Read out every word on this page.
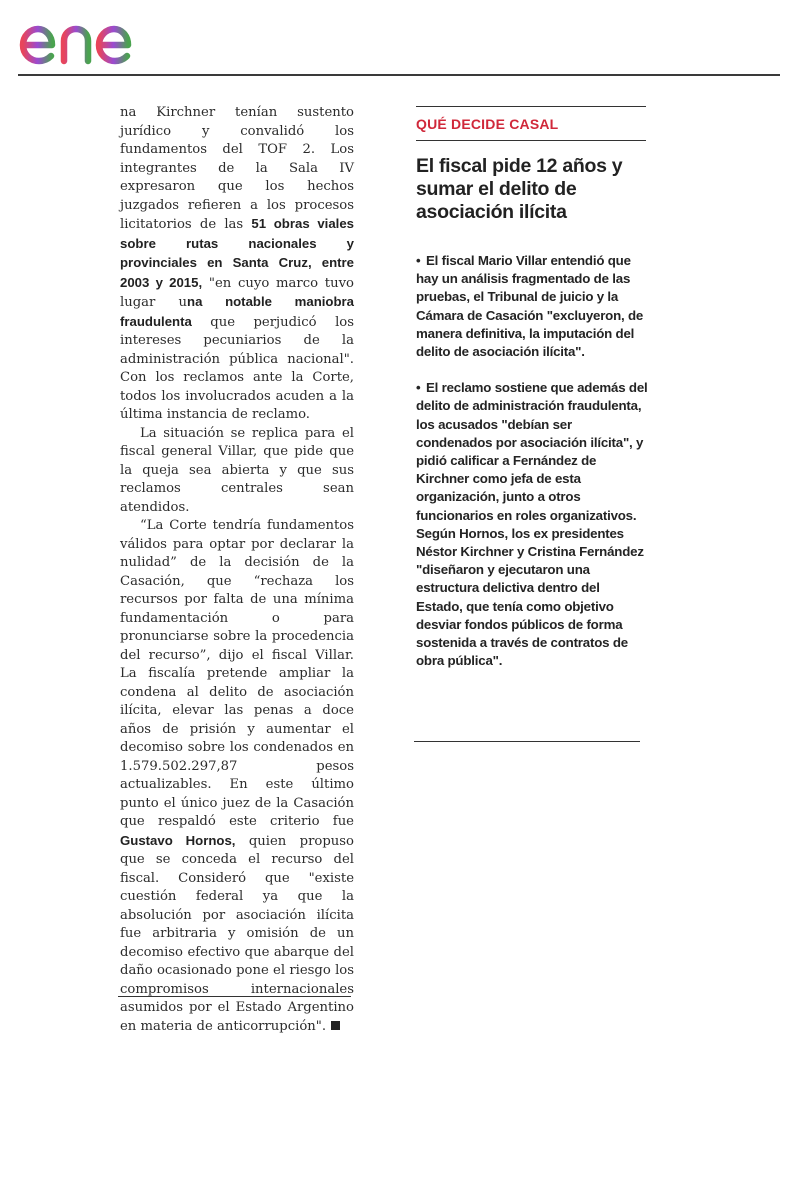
na Kirchner tenían sustento jurídico y convalidó los fundamentos del TOF 2. Los integrantes de la Sala IV expresaron que los hechos juzgados refieren a los procesos licitatorios de las 51 obras viales sobre rutas nacionales y provinciales en Santa Cruz, entre 2003 y 2015, "en cuyo marco tuvo lugar una notable maniobra fraudulenta que perjudicó los intereses pecuniarios de la administración pública nacional". Con los reclamos ante la Corte, todos los involucrados acuden a la última instancia de reclamo.

La situación se replica para el fiscal general Villar, que pide que la queja sea abierta y que sus reclamos centrales sean atendidos.

“La Corte tendría fundamentos válidos para optar por declarar la nulidad” de la decisión de la Casación, que “rechaza los recursos por falta de una mínima fundamentación o para pronunciarse sobre la procedencia del recurso”, dijo el fiscal Villar. La fiscalía pretende ampliar la condena al delito de asociación ilícita, elevar las penas a doce años de prisión y aumentar el decomiso sobre los condenados en 1.579.502.297,87 pesos actualizables. En este último punto el único juez de la Casación que respaldó este criterio fue Gustavo Hornos, quien propuso que se conceda el recurso del fiscal. Consideró que "existe cuestión federal ya que la absolución por asociación ilícita fue arbitraria y omisión de un decomiso efectivo que abarque del daño ocasionado pone el riesgo los compromisos internacionales asumidos por el Estado Argentino en materia de anticorrupción".

QUÉ DECIDE CASAL
El fiscal pide 12 años y sumar el delito de asociación ilícita
• El fiscal Mario Villar entendió que hay un análisis fragmentado de las pruebas, el Tribunal de juicio y la Cámara de Casación "excluyeron, de manera definitiva, la imputación del delito de asociación ilícita".
• El reclamo sostiene que además del delito de administración fraudulenta, los acusados "debían ser condenados por asociación ilícita", y pidió calificar a Fernández de Kirchner como jefa de esta organización, junto a otros funcionarios en roles organizativos. Según Hornos, los ex presidentes Néstor Kirchner y Cristina Fernández "diseñaron y ejecutaron una estructura delictiva dentro del Estado, que tenía como objetivo desviar fondos públicos de forma sostenida a través de contratos de obra pública".
